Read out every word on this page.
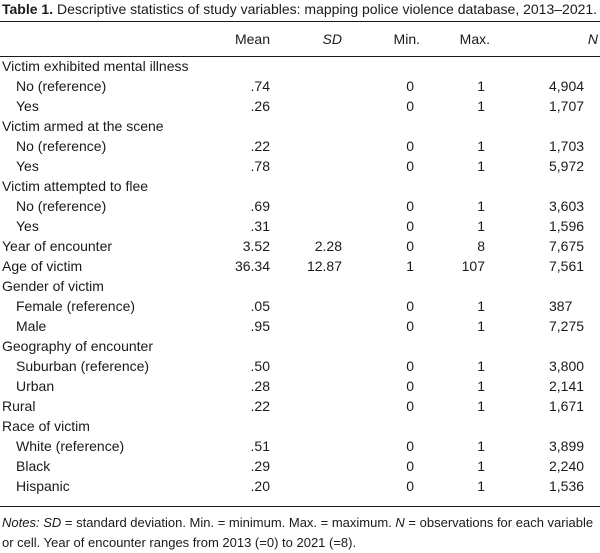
Table 1. Descriptive statistics of study variables: mapping police violence database, 2013–2021.
	Mean	SD	Min.	Max.	N
Victim exhibited mental illness					
No (reference)	.74		0	1	4,904
Yes	.26		0	1	1,707
Victim armed at the scene					
No (reference)	.22		0	1	1,703
Yes	.78		0	1	5,972
Victim attempted to flee					
No (reference)	.69		0	1	3,603
Yes	.31		0	1	1,596
Year of encounter	3.52	2.28	0	8	7,675
Age of victim	36.34	12.87	1	107	7,561
Gender of victim					
Female (reference)	.05		0	1	387
Male	.95		0	1	7,275
Geography of encounter					
Suburban (reference)	.50		0	1	3,800
Urban	.28		0	1	2,141
Rural	.22		0	1	1,671
Race of victim					
White (reference)	.51		0	1	3,899
Black	.29		0	1	2,240
Hispanic	.20		0	1	1,536
Notes: SD = standard deviation. Min. = minimum. Max. = maximum. N = observations for each variable or cell. Year of encounter ranges from 2013 (=0) to 2021 (=8).
